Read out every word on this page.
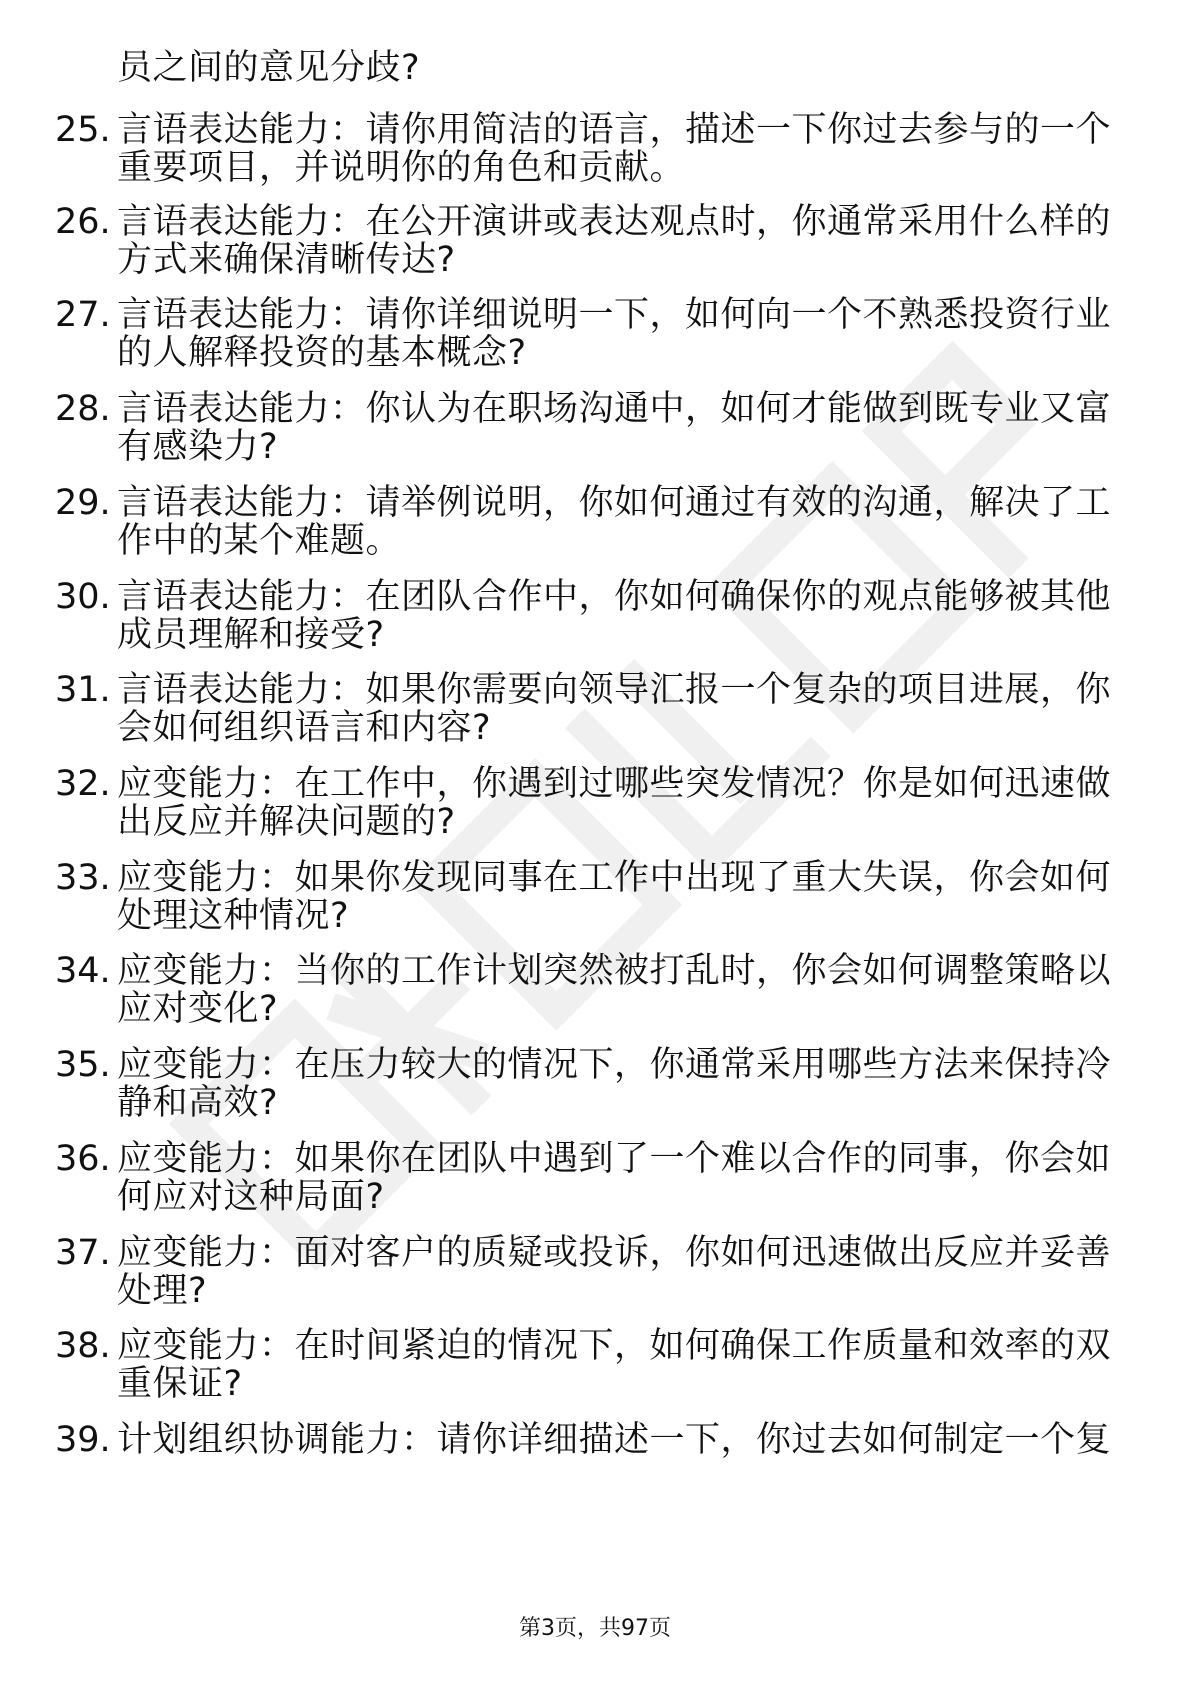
员之间的意见分歧?
25. 言语表达能力：请你用简洁的语言，描述一下你过去参与的一个
重要项目，并说明你的角色和贡献。
26. 言语表达能力：在公开演讲或表达观点时，你通常采用什么样的
方式来确保清晰传达?
27. 言语表达能力：请你详细说明一下，如何向一个不熟悉投资行业
的人解释投资的基本概念?
28. 言语表达能力：你认为在职场沟通中，如何才能做到既专业又富
有感染力?
29. 言语表达能力：请举例说明，你如何通过有效的沟通，解决了工
作中的某个难题。
30. 言语表达能力：在团队合作中，你如何确保你的观点能够被其他
成员理解和接受?
31. 言语表达能力：如果你需要向领导汇报一个复杂的项目进展，你
会如何组织语言和内容?
32. 应变能力：在工作中，你遇到过哪些突发情况？你是如何迅速做
出反应并解决问题的?
33. 应变能力：如果你发现同事在工作中出现了重大失误，你会如何
处理这种情况?
34. 应变能力：当你的工作计划突然被打乱时，你会如何调整策略以
应对变化?
35. 应变能力：在压力较大的情况下，你通常采用哪些方法来保持冷
静和高效?
36. 应变能力：如果你在团队中遇到了一个难以合作的同事，你会如
何应对这种局面?
37. 应变能力：面对客户的质疑或投诉，你如何迅速做出反应并妥善
处理?
38. 应变能力：在时间紧迫的情况下，如何确保工作质量和效率的双
重保证?
39. 计划组织协调能力：请你详细描述一下，你过去如何制定一个复
第3页，共97页
